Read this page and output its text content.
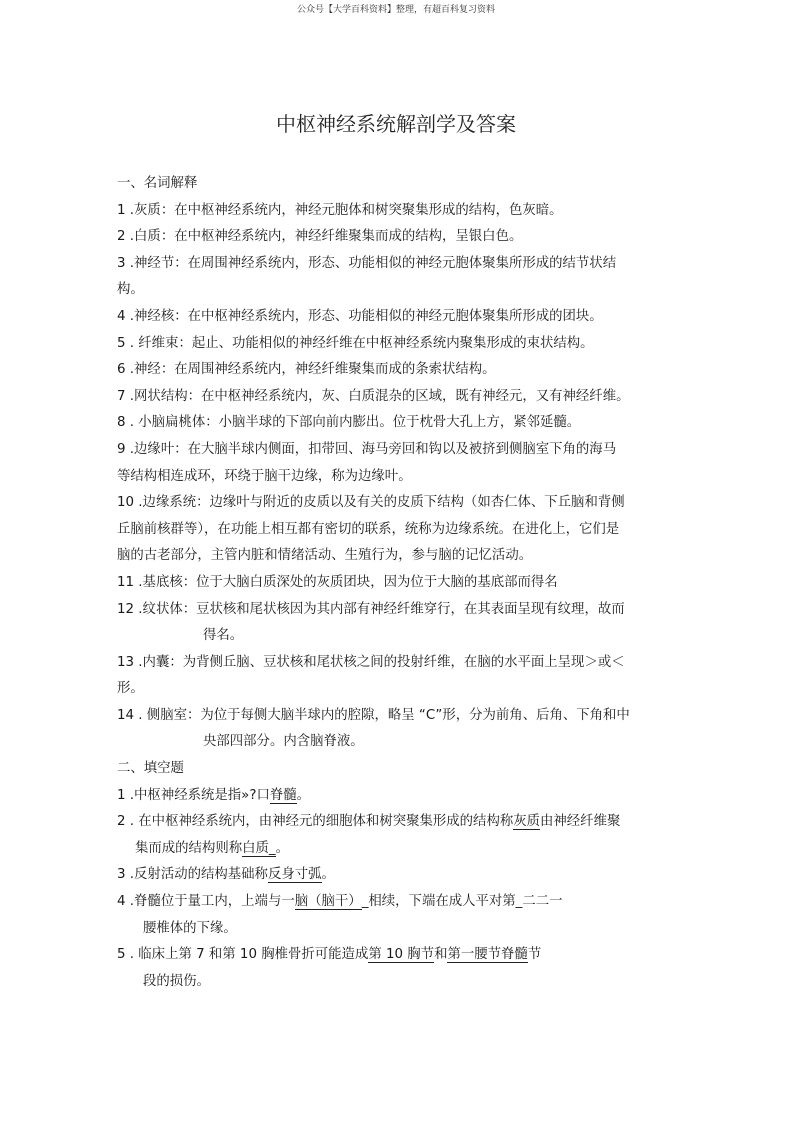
公众号【大学百科资料】整理，有超百科复习资料
中枢神经系统解剖学及答案
一、名词解释
1 .灰质：在中枢神经系统内，神经元胞体和树突聚集形成的结构，色灰暗。
2 .白质：在中枢神经系统内，神经纤维聚集而成的结构，呈银白色。
3 .神经节：在周围神经系统内，形态、功能相似的神经元胞体聚集所形成的结节状结
构。
4 .神经核：在中枢神经系统内，形态、功能相似的神经元胞体聚集所形成的团块。
5 . 纤维束：起止、功能相似的神经纤维在中枢神经系统内聚集形成的束状结构。
6 .神经：在周围神经系统内，神经纤维聚集而成的条索状结构。
7 .网状结构：在中枢神经系统内，灰、白质混杂的区域，既有神经元，又有神经纤维。
8 . 小脑扁桃体：小脑半球的下部向前内膨出。位于枕骨大孔上方，紧邻延髓。
9 .边缘叶：在大脑半球内侧面，扣带回、海马旁回和钩以及被挤到侧脑室下角的海马
等结构相连成环，环绕于脑干边缘，称为边缘叶。
10 .边缘系统：边缘叶与附近的皮质以及有关的皮质下结构（如杏仁体、下丘脑和背侧
丘脑前核群等），在功能上相互都有密切的联系，统称为边缘系统。在进化上，它们是
脑的古老部分，主管内脏和情绪活动、生殖行为，参与脑的记忆活动。
11 .基底核：位于大脑白质深处的灰质团块，因为位于大脑的基底部而得名
12 .纹状体：豆状核和尾状核因为其内部有神经纤维穿行，在其表面呈现有纹理，故而
得名。
13 .内囊：为背侧丘脑、豆状核和尾状核之间的投射纤维，在脑的水平面上呈现＞或＜
形。
14 . 侧脑室：为位于每侧大脑半球内的腔隙，略呈 “C”形，分为前角、后角、下角和中
央部四部分。内含脑脊液。
二、填空题
1 .中枢神经系统是指»?口脊髓。
2 . 在中枢神经系统内，由神经元的细胞体和树突聚集形成的结构称灰质由神经纤维聚
集而成的结构则称白质_。
3 .反射活动的结构基础称反身寸弧。
4 .脊髓位于量工内，上端与一脑（脑干）_相续，下端在成人平对第_二二一
腰椎体的下缘。
5 . 临床上第 7 和第 10 胸椎骨折可能造成第 10 胸节和第一腰节脊髓节
段的损伤。
